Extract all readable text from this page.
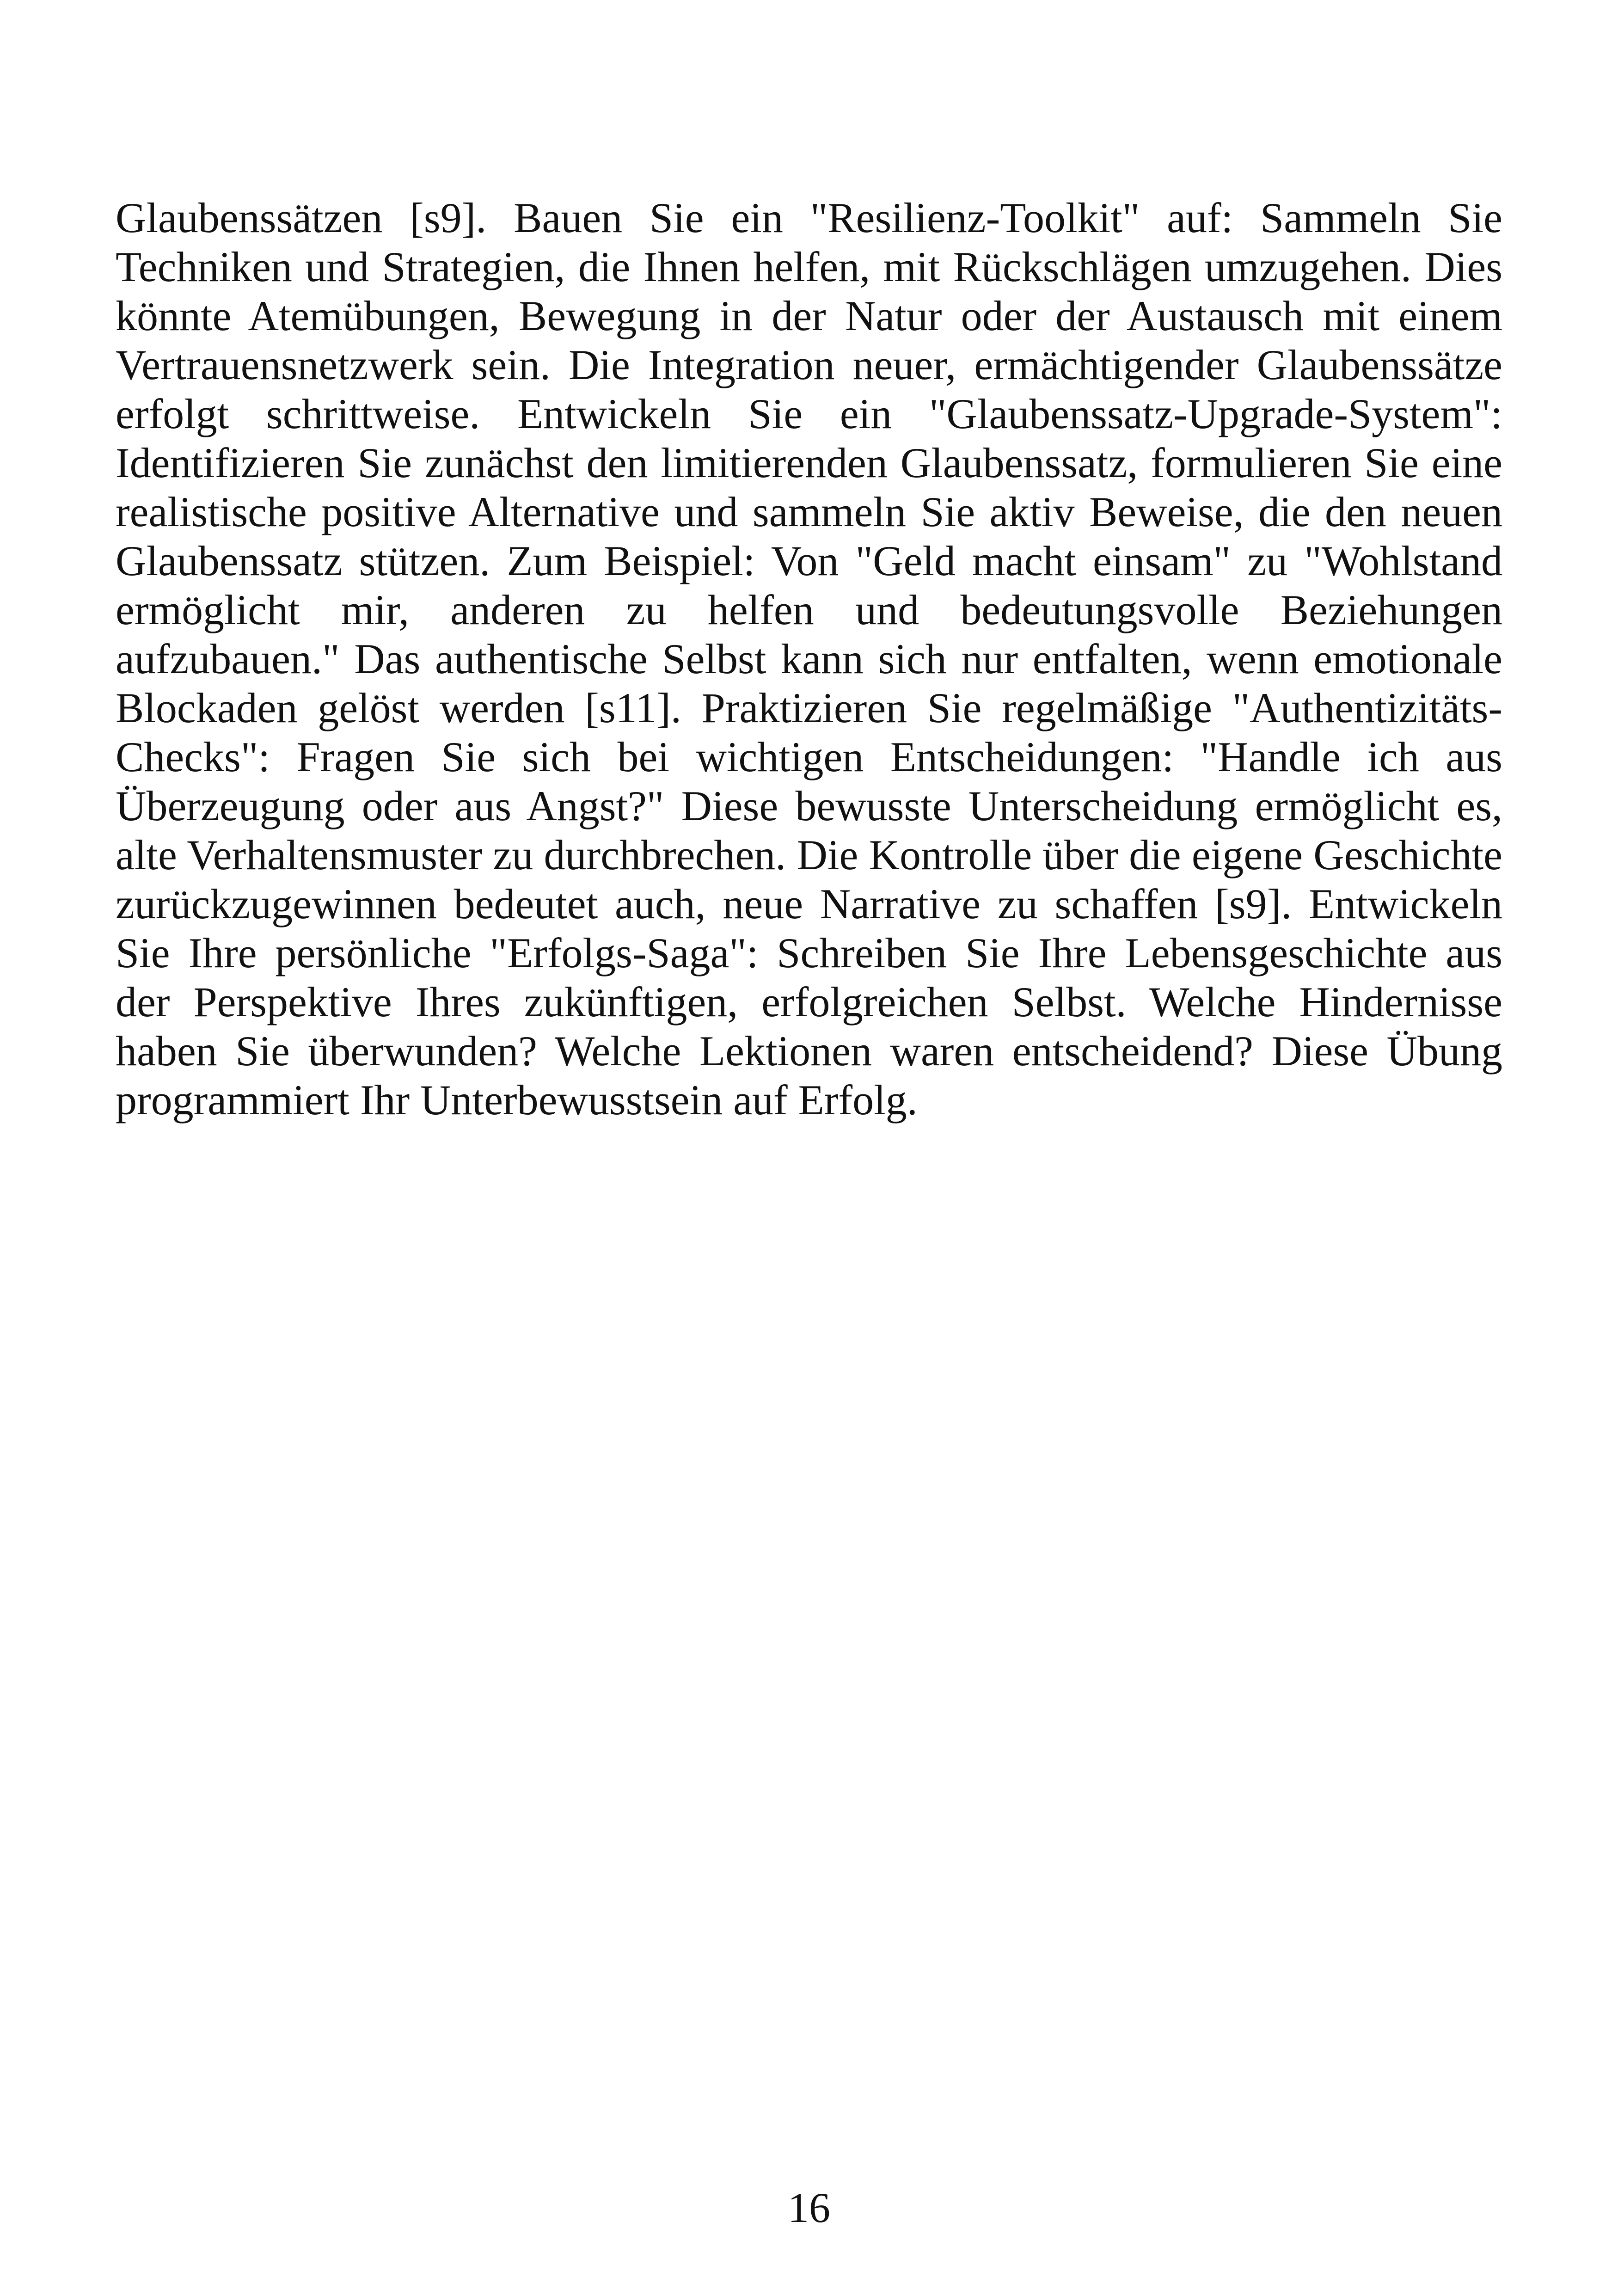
Glaubenssätzen [s9]. Bauen Sie ein "Resilienz-Toolkit" auf: Sammeln Sie Techniken und Strategien, die Ihnen helfen, mit Rückschlägen umzugehen. Dies könnte Atemübungen, Bewegung in der Natur oder der Austausch mit einem Vertrauensnetzwerk sein. Die Integration neuer, ermächtigender Glaubenssätze erfolgt schrittweise. Entwickeln Sie ein "Glaubenssatz-Upgrade-System": Identifizieren Sie zunächst den limitierenden Glaubenssatz, formulieren Sie eine realistische positive Alternative und sammeln Sie aktiv Beweise, die den neuen Glaubenssatz stützen. Zum Beispiel: Von "Geld macht einsam" zu "Wohlstand ermöglicht mir, anderen zu helfen und bedeutungsvolle Beziehungen aufzubauen." Das authentische Selbst kann sich nur entfalten, wenn emotionale Blockaden gelöst werden [s11]. Praktizieren Sie regelmäßige "Authentizitäts-Checks": Fragen Sie sich bei wichtigen Entscheidungen: "Handle ich aus Überzeugung oder aus Angst?" Diese bewusste Unterscheidung ermöglicht es, alte Verhaltensmuster zu durchbrechen. Die Kontrolle über die eigene Geschichte zurückzugewinnen bedeutet auch, neue Narrative zu schaffen [s9]. Entwickeln Sie Ihre persönliche "Erfolgs-Saga": Schreiben Sie Ihre Lebensgeschichte aus der Perspektive Ihres zukünftigen, erfolgreichen Selbst. Welche Hindernisse haben Sie überwunden? Welche Lektionen waren entscheidend? Diese Übung programmiert Ihr Unterbewusstsein auf Erfolg.

16
